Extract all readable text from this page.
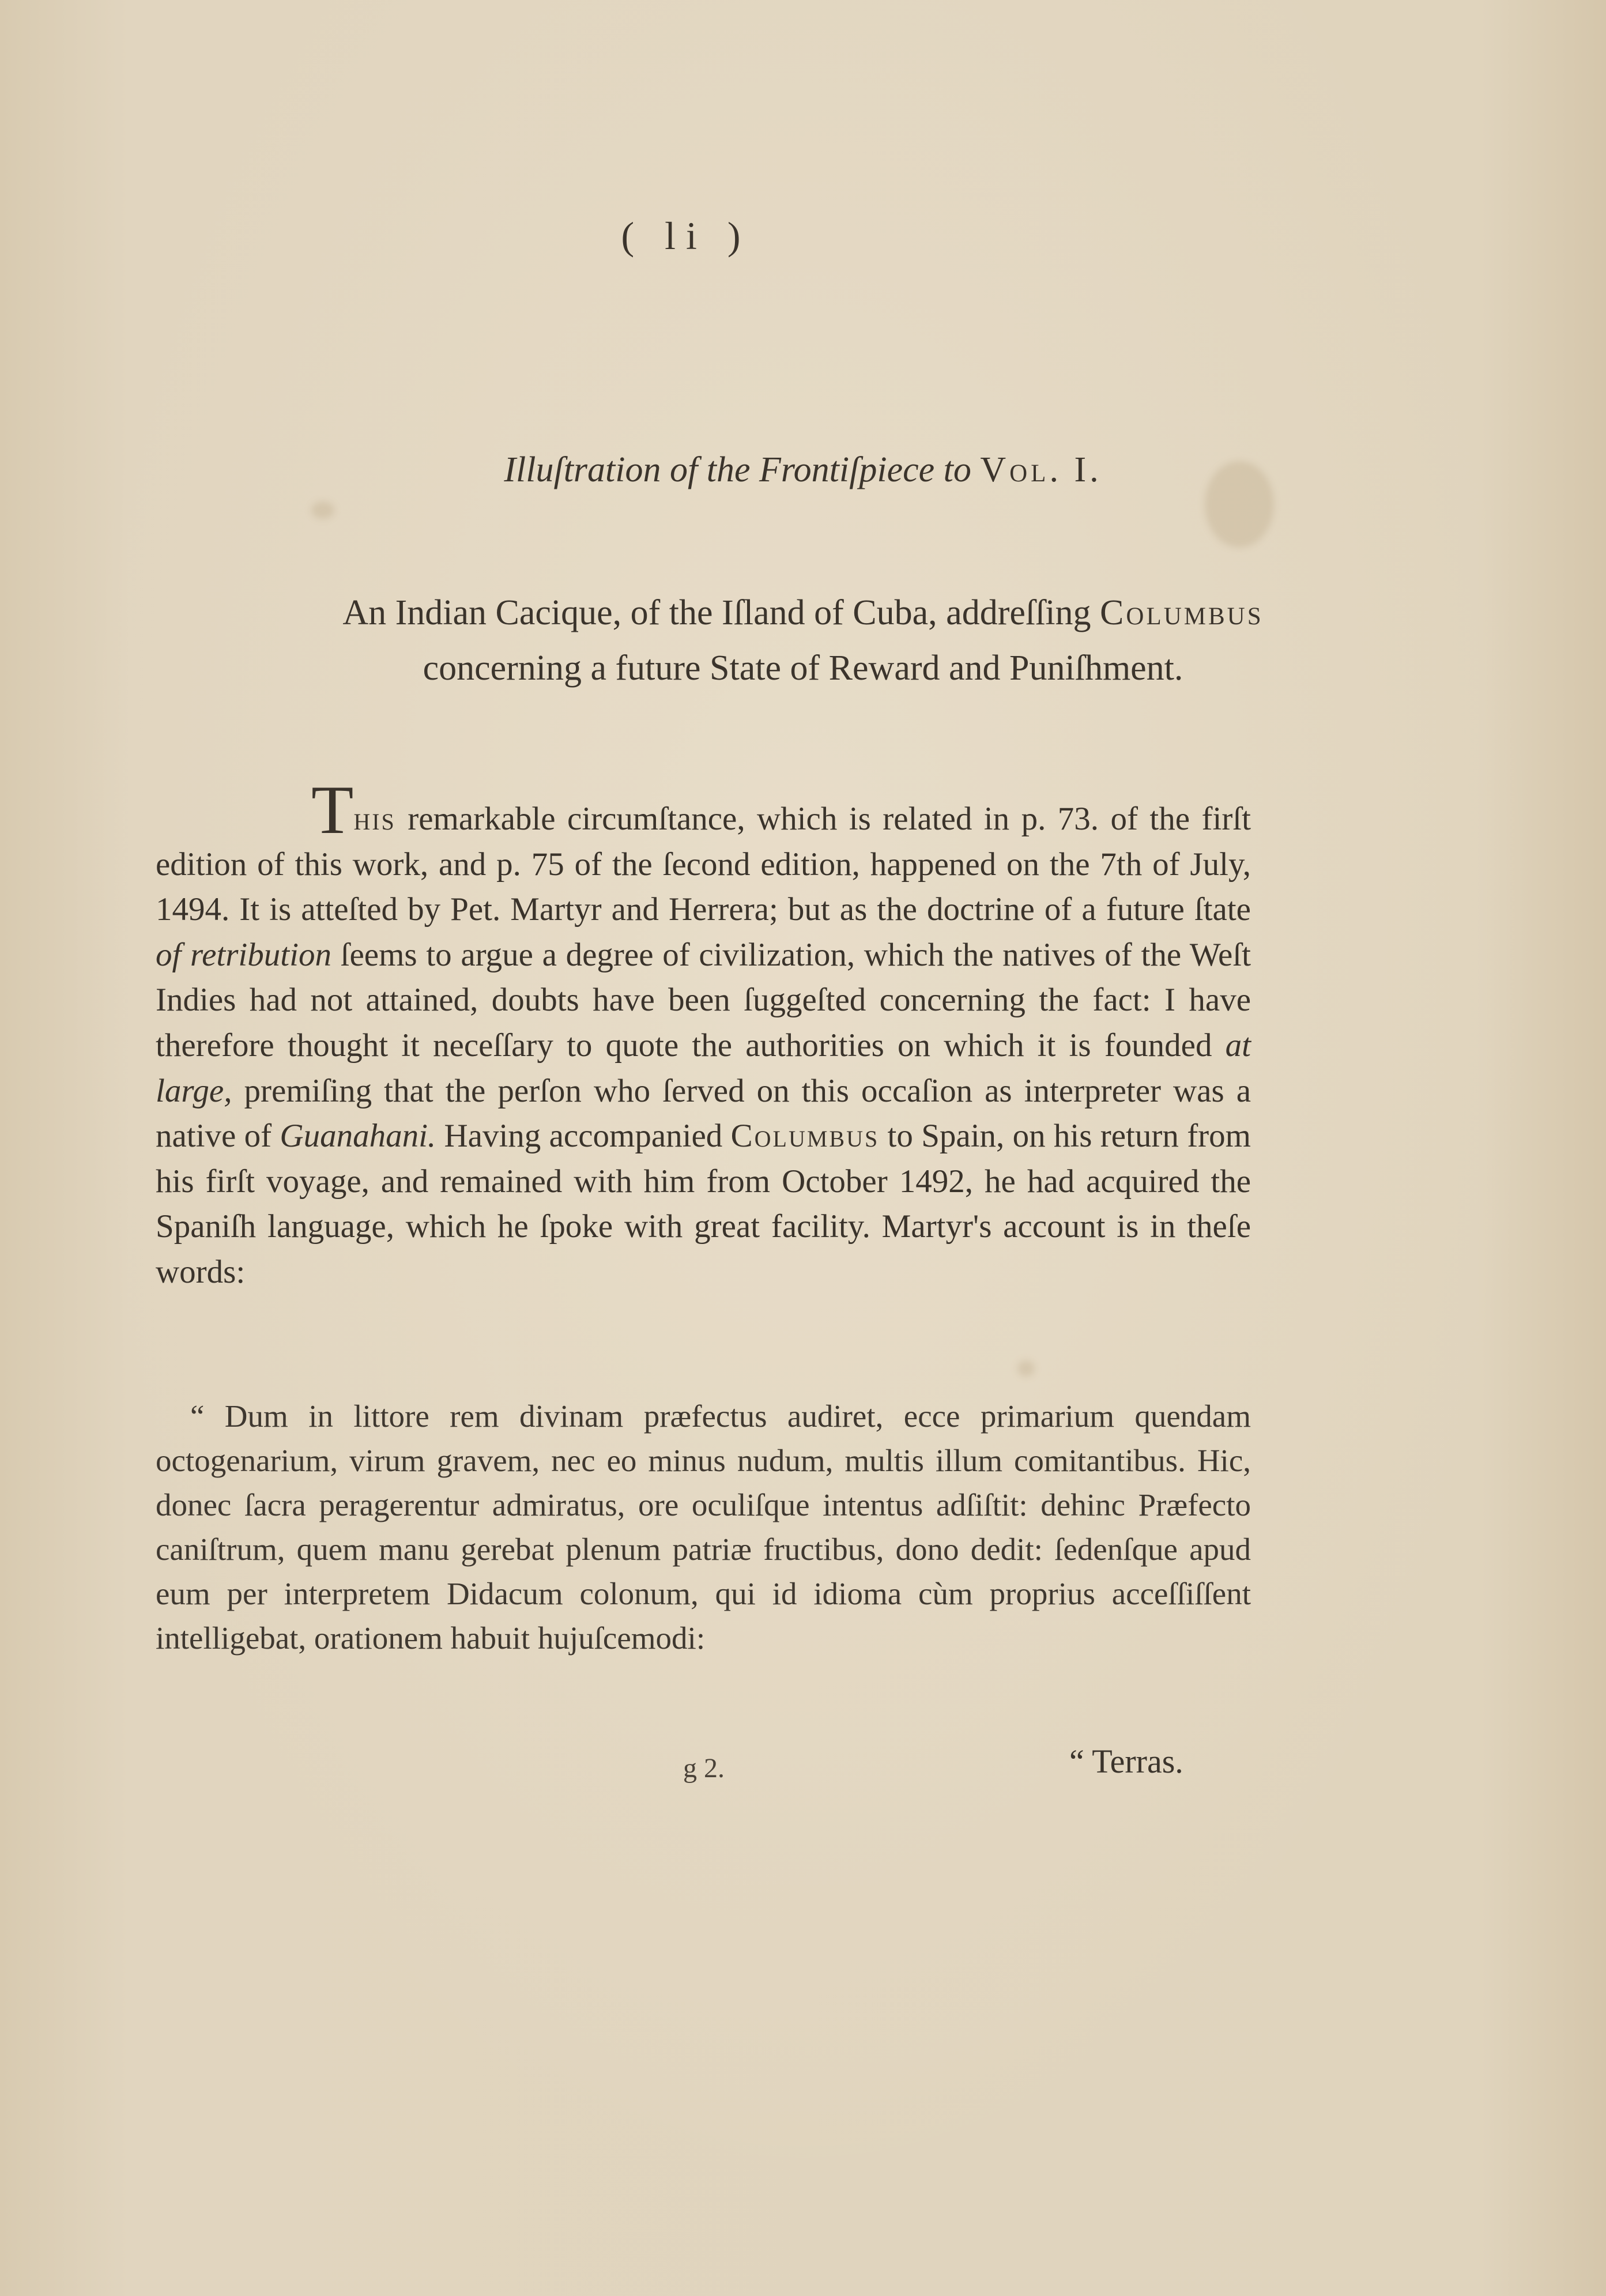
( li )
Illuſtration of the Frontiſpiece to Vol. I.
An Indian Cacique, of the Iſland of Cuba, addreſſing Columbus
concerning a future State of Reward and Puniſhment.
This remarkable circumſtance, which is related in p. 73. of the firſt edition of this work, and p. 75 of the ſecond edition, happened on the 7th of July, 1494. It is atteſted by Pet. Martyr and Herrera; but as the doctrine of a future ſtate of retribution ſeems to argue a degree of civilization, which the natives of the Weſt Indies had not attained, doubts have been ſuggeſted concerning the fact: I have therefore thought it neceſſary to quote the authorities on which it is founded at large, premiſing that the perſon who ſerved on this occaſion as interpreter was a native of Guanahani. Having accompanied Columbus to Spain, on his return from his firſt voyage, and remained with him from October 1492, he had acquired the Spaniſh language, which he ſpoke with great facility. Martyr's account is in theſe words:
“ Dum in littore rem divinam præfectus audiret, ecce primarium quendam octogenarium, virum gravem, nec eo minus nudum, multis illum comitantibus. Hic, donec ſacra peragerentur admiratus, ore oculiſque intentus adſiſtit: dehinc Præfecto caniſtrum, quem manu gerebat plenum patriæ fructibus, dono dedit: ſedenſque apud eum per interpretem Didacum colonum, qui id idioma cùm proprius acceſſiſſent intelligebat, orationem habuit hujuſcemodi:
g 2.	“ Terras.
